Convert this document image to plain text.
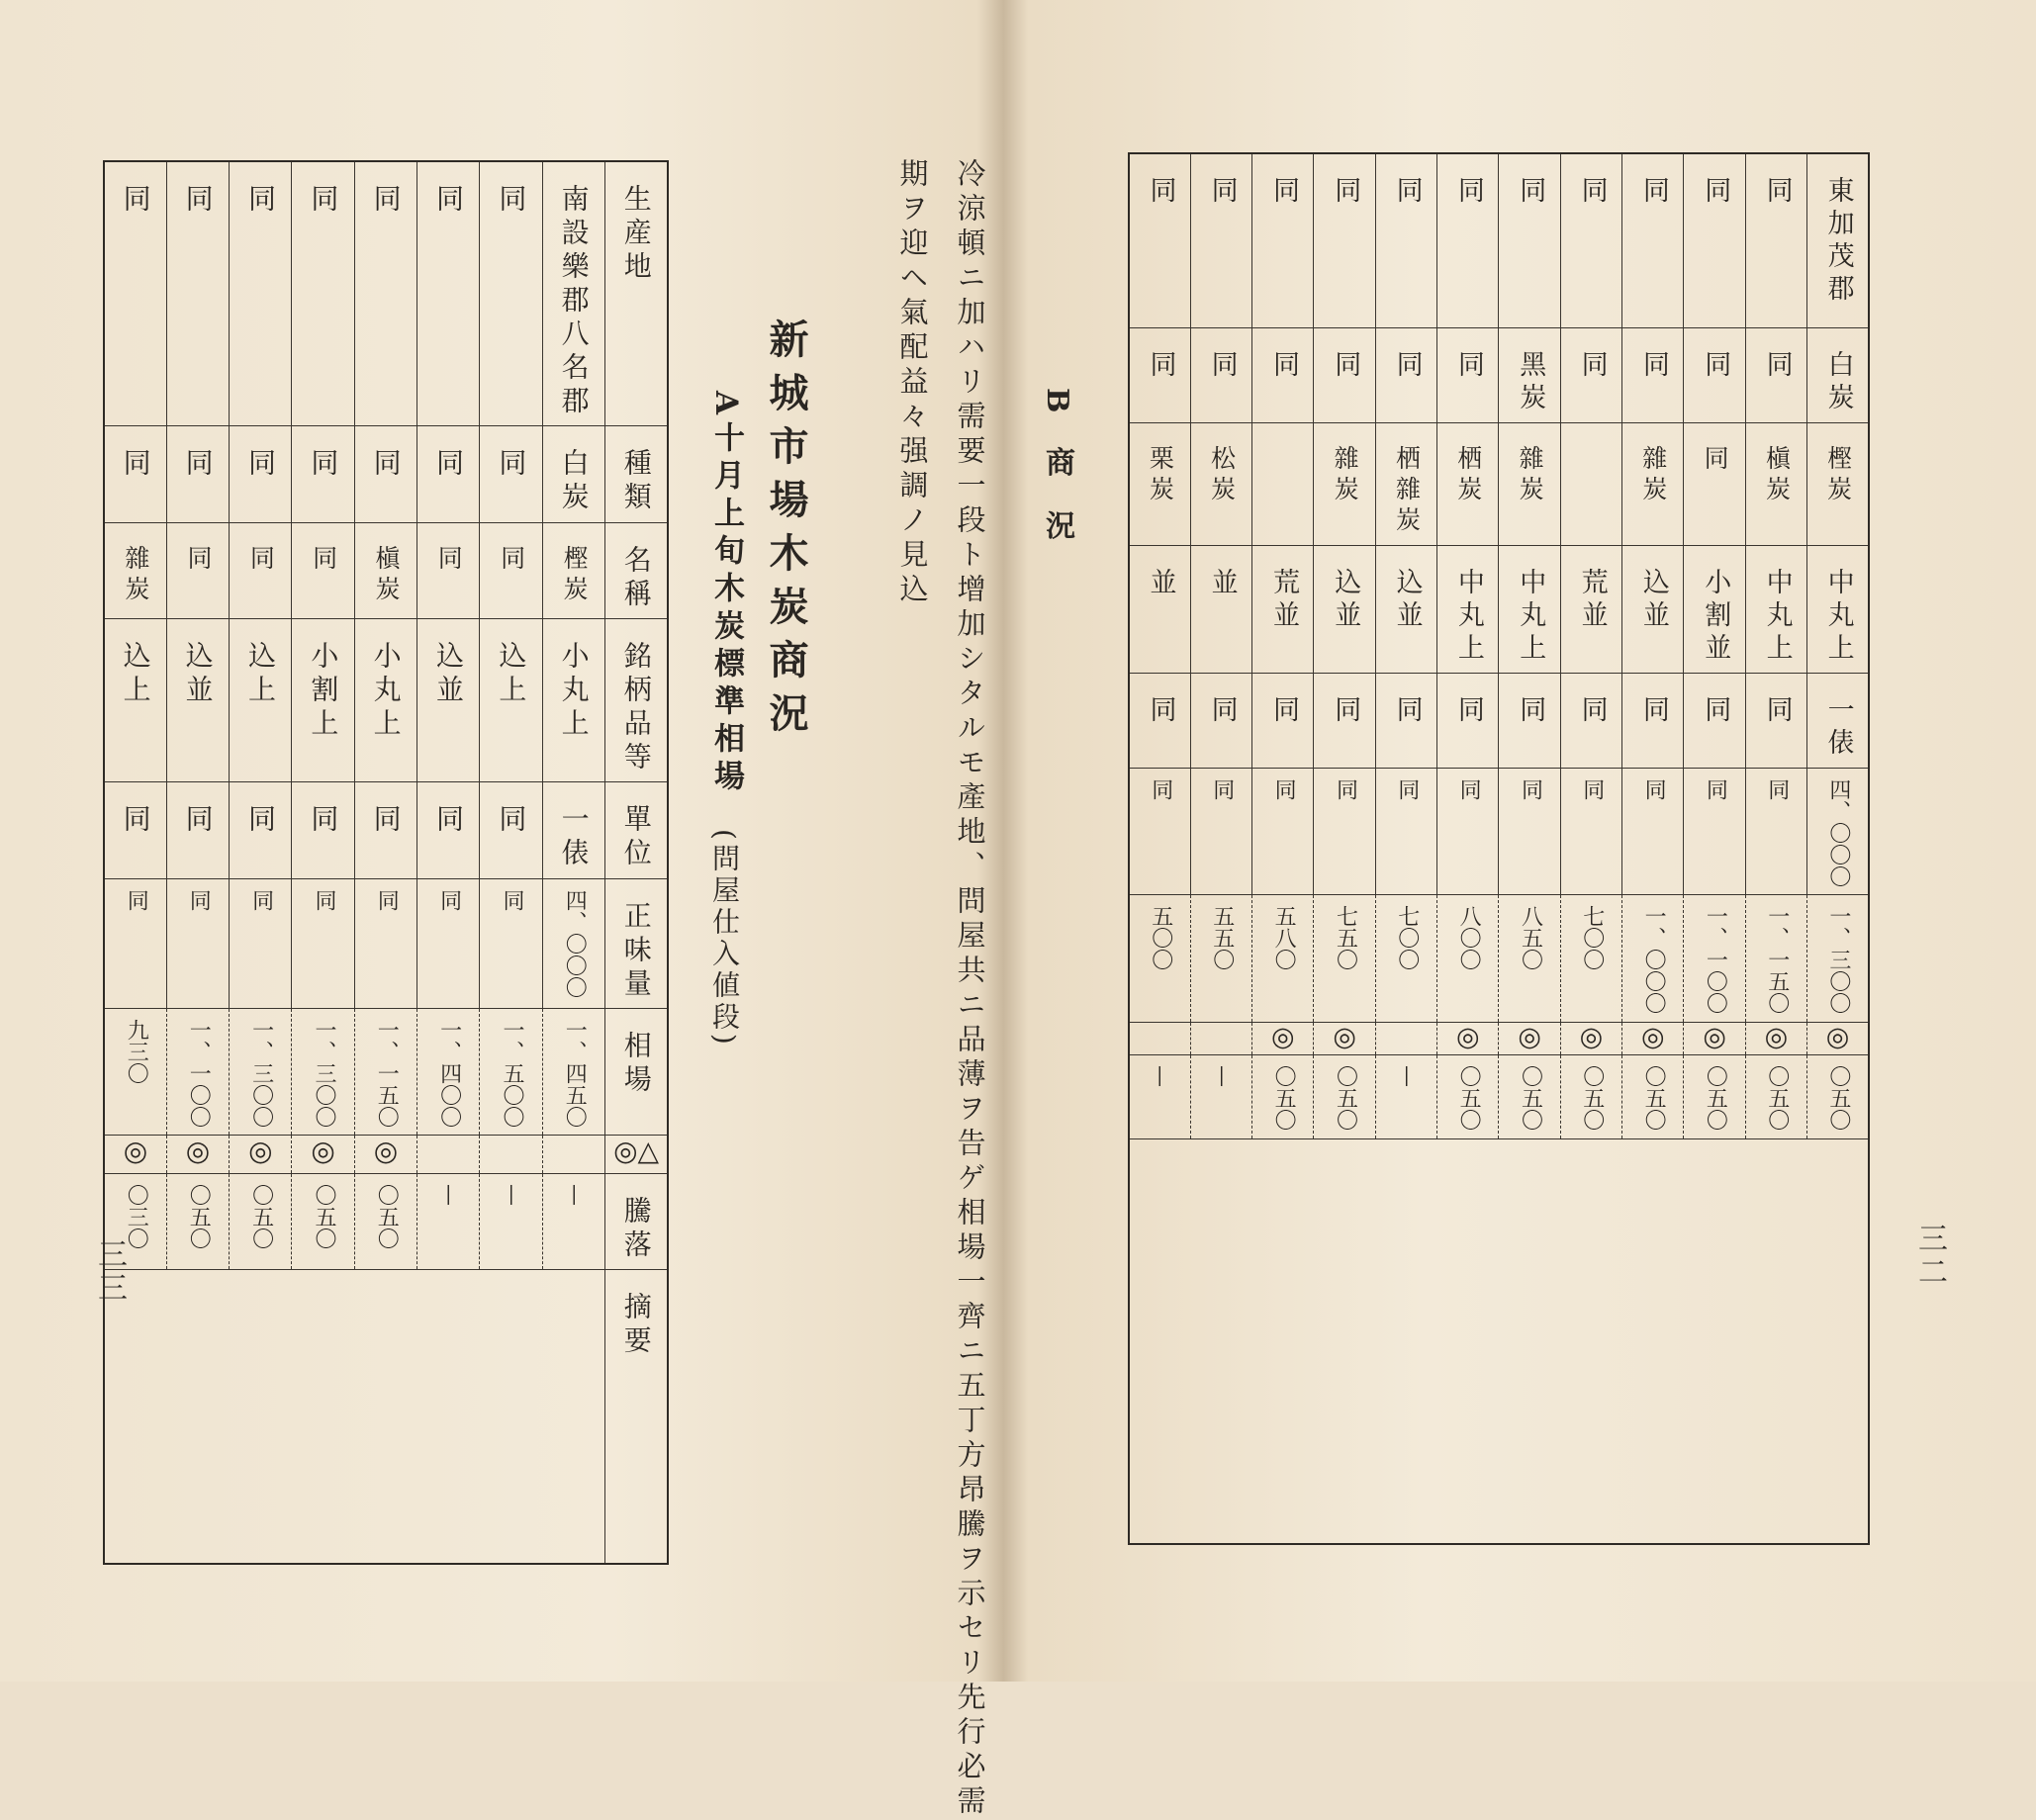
同	同	同	同	同	同	同	南設樂郡八名郡	生産地
同	同	同	同	同	同	同	白炭	種類
雜炭	同	同	同	槇炭	同	同	樫炭	名稱
込上	込並	込上	小割上	小丸上	込並	込上	小丸上	銘柄品等
同	同	同	同	同	同	同	一俵	單位
同	同	同	同	同	同	同	四、〇〇〇	正味量
九三〇	一、一〇〇	一、三〇〇	一、三〇〇	一、一五〇	一、四〇〇	一、五〇〇	一、四五〇	相場
◎	◎	◎	◎	◎				◎△
〇三〇	〇五〇	〇五〇	〇五〇	〇五〇	—	—	—	騰落
								摘要
新城市場木炭商況
A十月上旬木炭標準相場
(問屋仕入値段)
三三	冷涼頓ニ加ハリ需要一段ト增加シタルモ產地、問屋共ニ品薄ヲ告ゲ相場一齊ニ五丁方昂騰ヲ示セリ先行必需
期ヲ迎ヘ氣配益々强調ノ見込	B商況
同	同	同	同	同	同	同	同	同	同	同	東加茂郡
同	同	同	同	同	同	黑炭	同	同	同	同	白炭
栗炭	松炭		雜炭	栖雜炭	栖炭	雜炭		雜炭	同	槇炭	樫炭
並	並	荒並	込並	込並	中丸上	中丸上	荒並	込並	小割並	中丸上	中丸上
同	同	同	同	同	同	同	同	同	同	同	一俵
同	同	同	同	同	同	同	同	同	同	同	四、〇〇〇
五〇〇	五五〇	五八〇	七五〇	七〇〇	八〇〇	八五〇	七〇〇	一、〇〇〇	一、一〇〇	一、一五〇	一、三〇〇
		◎	◎		◎	◎	◎	◎	◎	◎	◎
—	—	〇五〇	〇五〇	—	〇五〇	〇五〇	〇五〇	〇五〇	〇五〇	〇五〇	〇五〇

三二
